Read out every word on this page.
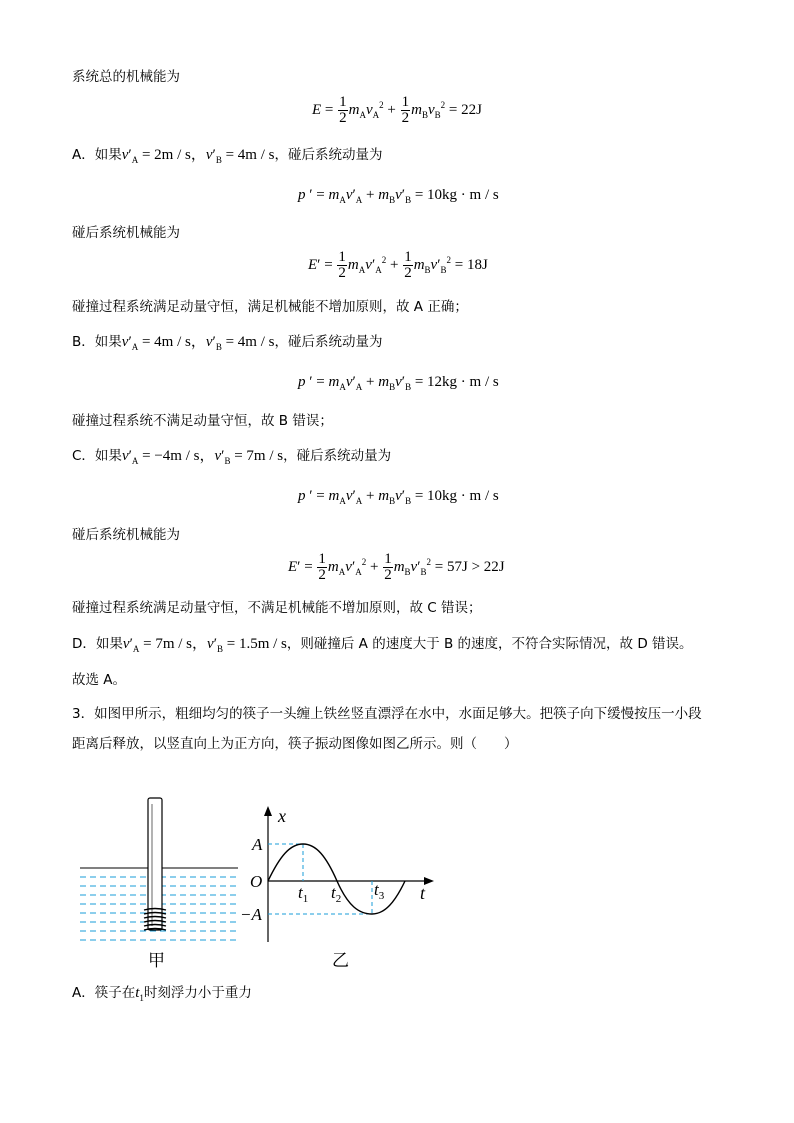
系统总的机械能为
$E = \frac{1}{2} m_Av_A^2 + \frac{1}{2} m_Bv_B^2 = 22J$
A．如果$v'_A = 2m / s$，$v'_B = 4m / s$，碰后系统动量为
p ′ = $m_Av'_A + m_Bv'_B = 10kg \cdot m / s$
碰后系统机械能为
$E' = \frac{1}{2} m_Av'_A^2 + \frac{1}{2} m_Bv'_B^2 = 18J$
碰撞过程系统满足动量守恒，满足机械能不增加原则，故 A 正确；
B．如果$v'_A = 4m / s$，$v'_B = 4m / s$，碰后系统动量为
p ′ = $m_Av'_A + m_Bv'_B = 12kg \cdot m / s$
碰撞过程系统不满足动量守恒，故 B 错误；
C．如果$v'_A = -4m / s$，$v'_B = 7m / s$，碰后系统动量为
p ′ = $m_Av'_A + m_Bv'_B = 10kg \cdot m / s$
碰后系统机械能为
$E' = \frac{1}{2} m_Av'_A^2 + \frac{1}{2} m_Bv'_B^2 = 57J > 22J$
碰撞过程系统满足动量守恒，不满足机械能不增加原则，故 C 错误；
D．如果$v'_A = 7m / s$，$v'_B = 1.5m / s$，则碰撞后 A 的速度大于 B 的速度，不符合实际情况，故 D 错误。
故选 A。
3．如图甲所示，粗细均匀的筷子一头缠上铁丝竖直漂浮在水中，水面足够大。把筷子向下缓慢按压一小段
距离后释放，以竖直向上为正方向，筷子振动图像如图乙所示。则（　　）
甲
x
t
O
A
−A
$t_1$ $t_2$ $t_3$
乙
A．筷子在$t_1$时刻浮力小于重力
